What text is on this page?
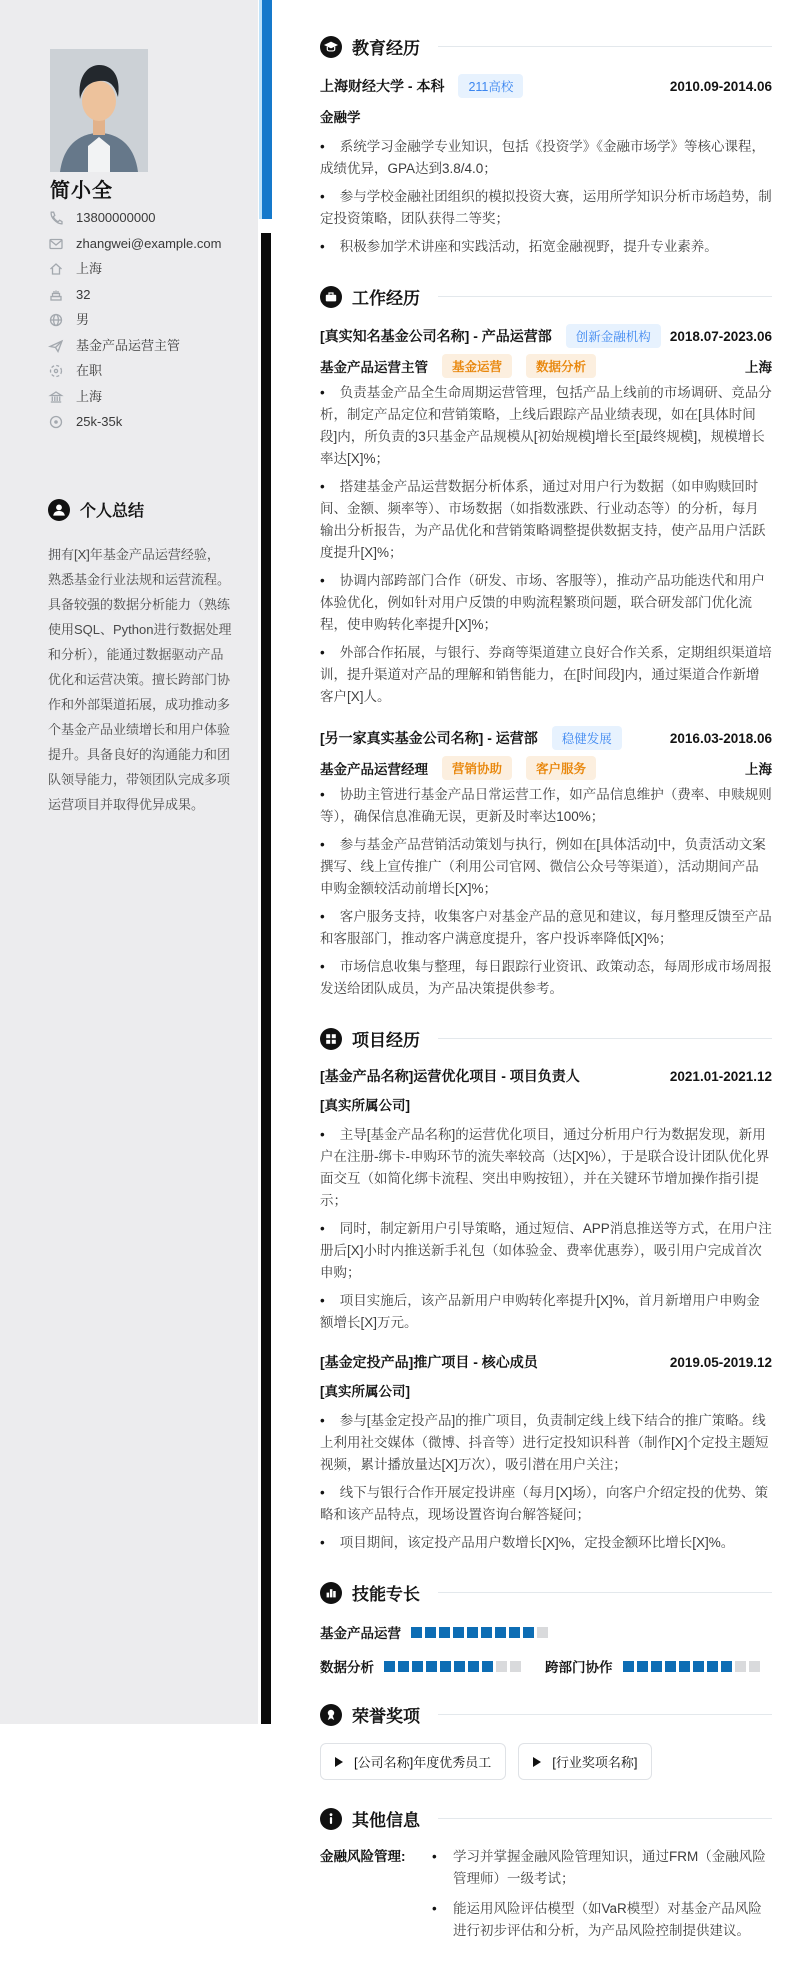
简小全
13800000000
zhangwei@example.com
上海
32
男
基金产品运营主管
在职
上海
25k-35k
个人总结
拥有[X]年基金产品运营经验，熟悉基金行业法规和运营流程。具备较强的数据分析能力（熟练使用SQL、Python进行数据处理和分析），能通过数据驱动产品优化和运营决策。擅长跨部门协作和外部渠道拓展，成功推动多个基金产品业绩增长和用户体验提升。具备良好的沟通能力和团队领导能力，带领团队完成多项运营项目并取得优异成果。
教育经历
上海财经大学 - 本科	211高校	2010.09-2014.06
金融学
• 系统学习金融学专业知识，包括《投资学》《金融市场学》等核心课程，成绩优异，GPA达到3.8/4.0；
• 参与学校金融社团组织的模拟投资大赛，运用所学知识分析市场趋势，制定投资策略，团队获得二等奖；
• 积极参加学术讲座和实践活动，拓宽金融视野，提升专业素养。
工作经历
[真实知名基金公司名称] - 产品运营部	创新金融机构	2018.07-2023.06
基金产品运营主管	基金运营	数据分析	上海
• 负责基金产品全生命周期运营管理，包括产品上线前的市场调研、竞品分析，制定产品定位和营销策略，上线后跟踪产品业绩表现，如在[具体时间段]内，所负责的3只基金产品规模从[初始规模]增长至[最终规模]，规模增长率达[X]%；
• 搭建基金产品运营数据分析体系，通过对用户行为数据（如申购赎回时间、金额、频率等）、市场数据（如指数涨跌、行业动态等）的分析，每月输出分析报告，为产品优化和营销策略调整提供数据支持，使产品用户活跃度提升[X]%；
• 协调内部跨部门合作（研发、市场、客服等），推动产品功能迭代和用户体验优化，例如针对用户反馈的申购流程繁琐问题，联合研发部门优化流程，使申购转化率提升[X]%；
• 外部合作拓展，与银行、券商等渠道建立良好合作关系，定期组织渠道培训，提升渠道对产品的理解和销售能力，在[时间段]内，通过渠道合作新增客户[X]人。
[另一家真实基金公司名称] - 运营部	稳健发展	2016.03-2018.06
基金产品运营经理	营销协助	客户服务	上海
• 协助主管进行基金产品日常运营工作，如产品信息维护（费率、申赎规则等），确保信息准确无误，更新及时率达100%；
• 参与基金产品营销活动策划与执行，例如在[具体活动]中，负责活动文案撰写、线上宣传推广（利用公司官网、微信公众号等渠道），活动期间产品申购金额较活动前增长[X]%；
• 客户服务支持，收集客户对基金产品的意见和建议，每月整理反馈至产品和客服部门，推动客户满意度提升，客户投诉率降低[X]%；
• 市场信息收集与整理，每日跟踪行业资讯、政策动态，每周形成市场周报发送给团队成员，为产品决策提供参考。
项目经历
[基金产品名称]运营优化项目 - 项目负责人	2021.01-2021.12
[真实所属公司]
• 主导[基金产品名称]的运营优化项目，通过分析用户行为数据发现，新用户在注册-绑卡-申购环节的流失率较高（达[X]%），于是联合设计团队优化界面交互（如简化绑卡流程、突出申购按钮），并在关键环节增加操作指引提示；
• 同时，制定新用户引导策略，通过短信、APP消息推送等方式，在用户注册后[X]小时内推送新手礼包（如体验金、费率优惠券），吸引用户完成首次申购；
• 项目实施后，该产品新用户申购转化率提升[X]%，首月新增用户申购金额增长[X]万元。
[基金定投产品]推广项目 - 核心成员	2019.05-2019.12
[真实所属公司]
• 参与[基金定投产品]的推广项目，负责制定线上线下结合的推广策略。线上利用社交媒体（微博、抖音等）进行定投知识科普（制作[X]个定投主题短视频，累计播放量达[X]万次），吸引潜在用户关注；
• 线下与银行合作开展定投讲座（每月[X]场），向客户介绍定投的优势、策略和该产品特点，现场设置咨询台解答疑问；
• 项目期间，该定投产品用户数增长[X]%，定投金额环比增长[X]%。
技能专长
基金产品运营
数据分析	跨部门协作
荣誉奖项
[公司名称]年度优秀员工	[行业奖项名称]
其他信息
金融风险管理:	• 学习并掌握金融风险管理知识，通过FRM（金融风险管理师）一级考试；
• 能运用风险评估模型（如VaR模型）对基金产品风险进行初步评估和分析，为产品风险控制提供建议。
